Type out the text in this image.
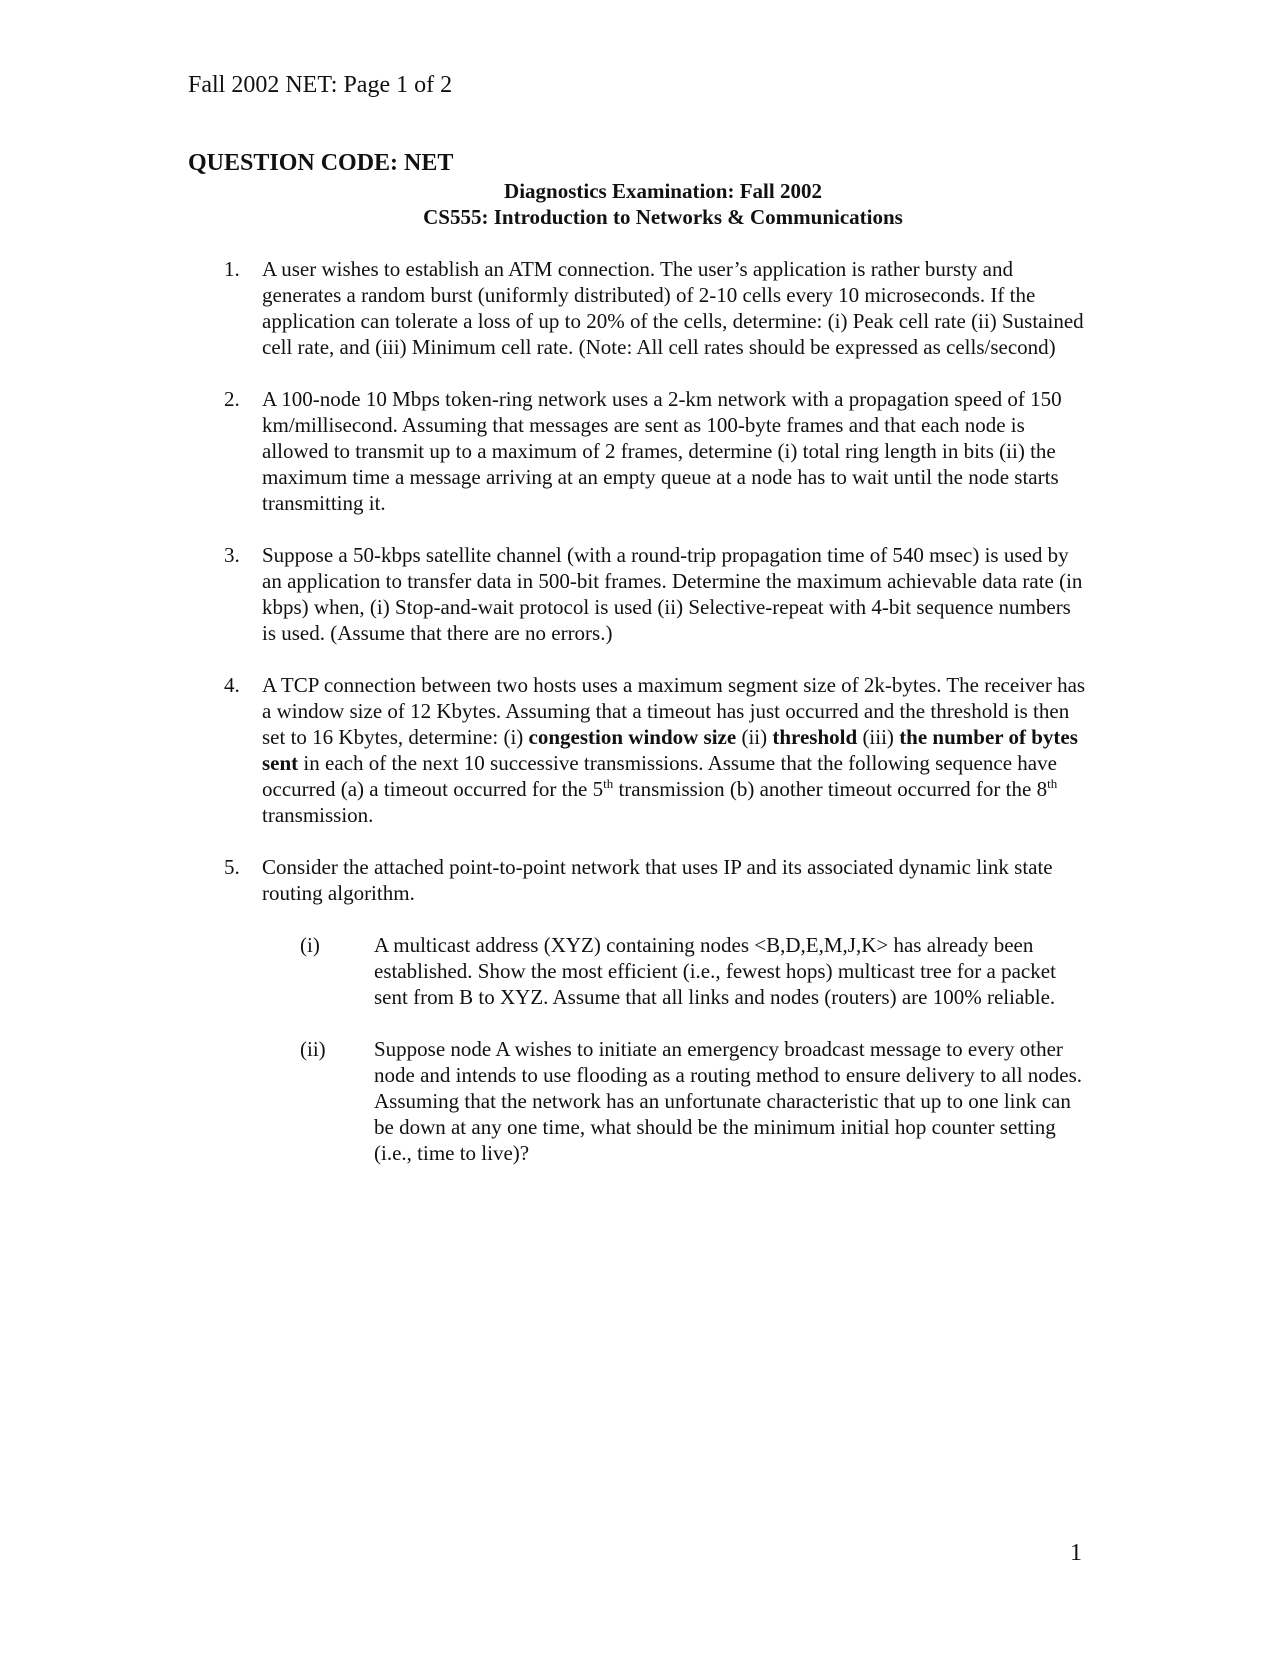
Fall 2002 NET: Page 1 of 2
QUESTION CODE: NET
Diagnostics Examination: Fall 2002
CS555: Introduction to Networks & Communications
1.	A user wishes to establish an ATM connection. The user’s application is rather bursty and generates a random burst (uniformly distributed) of 2-10 cells every 10 microseconds. If the application can tolerate a loss of up to 20% of the cells, determine: (i) Peak cell rate (ii) Sustained cell rate, and (iii) Minimum cell rate. (Note: All cell rates should be expressed as cells/second)
2.	A 100-node 10 Mbps token-ring network uses a 2-km network with a propagation speed of 150 km/millisecond. Assuming that messages are sent as 100-byte frames and that each node is allowed to transmit up to a maximum of 2 frames, determine (i) total ring length in bits (ii) the maximum time a message arriving at an empty queue at a node has to wait until the node starts transmitting it.
3.	Suppose a 50-kbps satellite channel (with a round-trip propagation time of 540 msec) is used by an application to transfer data in 500-bit frames. Determine the maximum achievable data rate (in kbps) when, (i) Stop-and-wait protocol is used (ii) Selective-repeat with 4-bit sequence numbers is used. (Assume that there are no errors.)
4.	A TCP connection between two hosts uses a maximum segment size of 2k-bytes. The receiver has a window size of 12 Kbytes. Assuming that a timeout has just occurred and the threshold is then set to 16 Kbytes, determine: (i) congestion window size (ii) threshold (iii) the number of bytes sent in each of the next 10 successive transmissions. Assume that the following sequence have occurred (a) a timeout occurred for the 5th transmission (b) another timeout occurred for the 8th transmission.
5.	Consider the attached point-to-point network that uses IP and its associated dynamic link state routing algorithm.
(i)	A multicast address (XYZ) containing nodes <B,D,E,M,J,K> has already been established. Show the most efficient (i.e., fewest hops) multicast tree for a packet sent from B to XYZ. Assume that all links and nodes (routers) are 100% reliable.
(ii) Suppose node A wishes to initiate an emergency broadcast message to every other node and intends to use flooding as a routing method to ensure delivery to all nodes. Assuming that the network has an unfortunate characteristic that up to one link can be down at any one time, what should be the minimum initial hop counter setting (i.e., time to live)?
1
